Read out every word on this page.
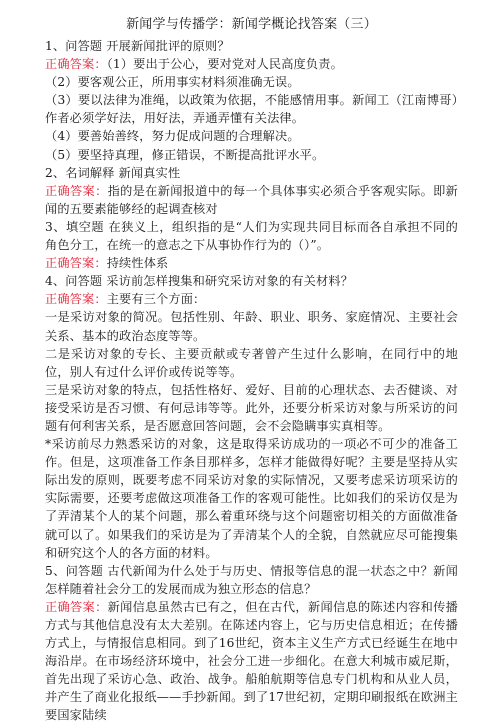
新闻学与传播学：新闻学概论找答案（三）
1、问答题 开展新闻批评的原则？
正确答案：（1）要出于公心，要对党对人民高度负责。
（2）要客观公正，所用事实材料须准确无误。
（3）要以法律为准绳，以政策为依据，不能感情用事。新闻工（江南博哥）作者必须学好法，用好法，弄通弄懂有关法律。
（4）要善始善终，努力促成问题的合理解决。
（5）要坚持真理，修正错误，不断提高批评水平。
2、名词解释 新闻真实性
正确答案：指的是在新闻报道中的每一个具体事实必须合乎客观实际。即新闻的五要素能够经的起调查核对
3、填空题 在狭义上，组织指的是“人们为实现共同目标而各自承担不同的角色分工，在统一的意志之下从事协作行为的（）”。
正确答案：持续性体系
4、问答题 采访前怎样搜集和研究采访对象的有关材料？
正确答案：主要有三个方面：
一是采访对象的简况。包括性别、年龄、职业、职务、家庭情况、主要社会关系、基本的政治态度等等。
二是采访对象的专长、主要贡献或专著曾产生过什么影响，在同行中的地位，别人有过什么评价或传说等等。
三是采访对象的特点，包括性格好、爱好、目前的心理状态、去否健谈、对接受采访是否习惯、有何忌讳等等。此外，还要分析采访对象与所采访的问题有何利害关系，是否愿意回答问题，会不会隐瞒事实真相等。
*采访前尽力熟悉采访的对象，这是取得采访成功的一项必不可少的准备工作。但是，这项准备工作条目那样多，怎样才能做得好呢？主要是坚持从实际出发的原则，既要考虑不同采访对象的实际情况，又要考虑采访项采访的实际需要，还要考虑做这项准备工作的客观可能性。比如我们的采访仅是为了弄清某个人的某个问题，那么着重环绕与这个问题密切相关的方面做准备就可以了。如果我们的采访是为了弄清某个人的全貌，自然就应尽可能搜集和研究这个人的各方面的材料。
5、问答题 古代新闻为什么处于与历史、情报等信息的混一状态之中？新闻怎样随着社会分工的发展而成为独立形态的信息？
正确答案：新闻信息虽然古已有之，但在古代，新闻信息的陈述内容和传播方式与其他信息没有太大差别。在陈述内容上，它与历史信息相近；在传播方式上，与情报信息相同。到了16世纪，资本主义生产方式已经诞生在地中海沿岸。在市场经济环境中，社会分工进一步细化。在意大利城市威尼斯，首先出现了采访心急、政治、战争。船舶航期等信息专门机构和从业人员，并产生了商业化报纸——手抄新闻。到了17世纪初，定期印刷报纸在欧洲主要国家陆续
